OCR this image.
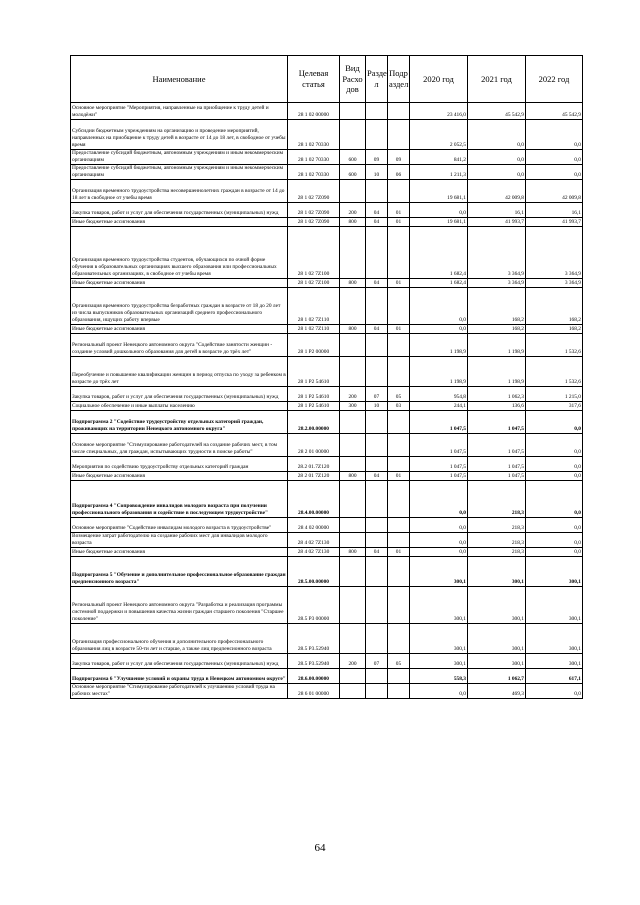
Наименование	Целевая статья	Вид Расхо дов	Разде л	Подр аздел	2020 год	2021 год	2022 год
Основное мероприятие "Мероприятия, направленные на приобщение к труду детей и молодёжи"	28 1 02 00000				23 416,0	45 542,9	45 542,9
Субсидии бюджетным учреждениям на организацию и проведение мероприятий, направленных на приобщение к труду детей в возрасте от 14 до 18 лет, в свободное от учебы время	28 1 02 70330				2 052,5	0,0	0,0
Предоставление субсидий бюджетным, автономным учреждениям и иным некоммерческим организациям	28 1 02 70330	600	09	09	841,2	0,0	0,0
Предоставление субсидий бюджетным, автономным учреждениям и иным некоммерческим организациям	28 1 02 70330	600	10	06	1 211,3	0,0	0,0
Организация временного трудоустройства несовершеннолетних граждан в возрасте от 14 до 18 лет в свободное от учебы время	28 1 02 7Z090				19 681,1	42 009,8	42 009,8
Закупка товаров, работ и услуг для обеспечения государственных (муниципальных) нужд	28 1 02 7Z090	200	04	01	0,0	16,1	16,1
Иные бюджетные ассигнования	28 1 02 7Z090	800	04	01	19 681,1	41 993,7	41 993,7
Организация временного трудоустройства студентов, обучающихся по очной форме обучения в образовательных организациях высшего образования или профессиональных образовательных организациях, в свободное от учебы время	28 1 02 7Z100				1 682,4	3 364,9	3 364,9
Иные бюджетные ассигнования	28 1 02 7Z100	800	04	01	1 682,4	3 364,9	3 364,9
Организация временного трудоустройства безработных граждан в возрасте от 18 до 20 лет из числа выпускников образовательных организаций среднего профессионального образования, ищущих работу впервые	28 1 02 7Z110				0,0	168,2	168,2
Иные бюджетные ассигнования	28 1 02 7Z110	800	04	01	0,0	168,2	168,2
Региональный проект Ненецкого автономного округа "Содействие занятости женщин - создание условий дошкольного образования для детей в возрасте до трёх лет"	28 1 P2 00000				1 198,9	1 198,9	1 532,6
Переобучение и повышение квалификации женщин в период отпуска по уходу за ребенком в возрасте до трёх лет	28 1 P2 54610				1 198,9	1 198,9	1 532,6
Закупка товаров, работ и услуг для обеспечения государственных (муниципальных) нужд	28 1 P2 54610	200	07	05	954,8	1 062,3	1 215,0
Социальное обеспечение и иные выплаты населению	28 1 P2 54610	300	10	03	244,1	136,6	317,6
Подпрограмма 2 "Содействие трудоустройству отдельных категорий граждан, проживающих на территории Ненецкого автономного округа"	28.2.00.00000				1 047,5	1 047,5	0,0
Основное мероприятие "Стимулирование работодателей на создание рабочих мест, в том числе специальных, для граждан, испытывающих трудности в поиске работы"	28 2 01 00000				1 047,5	1 047,5	0,0
Мероприятия по содействию трудоустройству отдельных категорий граждан	28.2 01.7Z120				1 047,5	1 047,5	0,0
Иные бюджетные ассигнования	28 2 01 7Z120	800	04	01	1 047,5	1 047,5	0,0
Подпрограмма 4 "Сопровождение инвалидов молодого возраста при получении профессионального образования и содействие в последующем трудоустройстве"	28.4.00.00000				0,0	218,3	0,0
Основное мероприятие "Содействие инвалидам молодого возраста в трудоустройстве"	28 4 02 00000				0,0	218,3	0,0
Возмещение затрат работодателю на создание рабочих мест для инвалидов молодого возраста	28 4 02 7Z130				0,0	218,3	0,0
Иные бюджетные ассигнования	28 4 02 7Z130	800	04	01	0,0	218,3	0,0
Подпрограмма 5 "Обучение и дополнительное профессиональное образование граждан предпенсионного возраста"	28.5.00.00000				300,1	300,1	300,1
Региональный проект Ненецкого автономного округа "Разработка и реализация программы системной поддержки и повышения качества жизни граждан старшего поколения "Старшее поколение"	28.5 P3 00000				300,1	300,1	300,1
Организация профессионального обучения и дополнительного профессионального образования лиц в возрасте 50-ти лет и старше, а также лиц предпенсионного возраста	28.5 P3.52940				300,1	300,1	300,1
Закупка товаров, работ и услуг для обеспечения государственных (муниципальных) нужд	28.5 P3.52940	200	07	05	300,1	300,1	300,1
Подпрограмма 6 "Улучшение условий и охраны труда в Ненецком автономном округе"	28.6.00.00000				558,3	1 062,7	617,1
Основное мероприятие "Стимулирование работодателей к улучшению условий труда на рабочих местах"	28 6 01 00000				0,0	469,3	0,0
64
